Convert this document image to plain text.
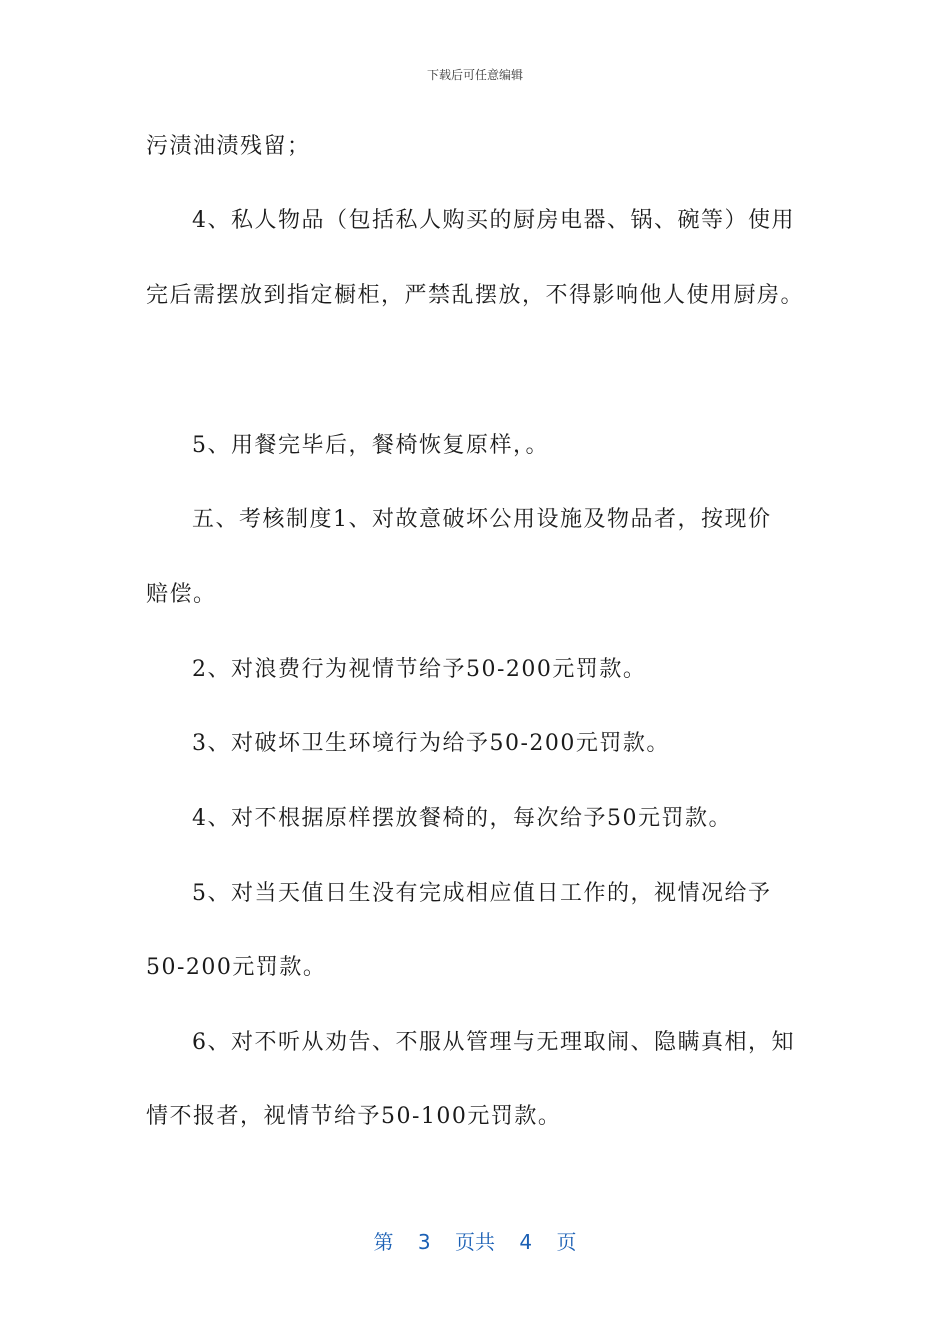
下载后可任意编辑
污渍油渍残留；
4、私人物品（包括私人购买的厨房电器、锅、碗等）使用
完后需摆放到指定橱柜，严禁乱摆放，不得影响他人使用厨房。
5、用餐完毕后，餐椅恢复原样，。
五、考核制度1、对故意破坏公用设施及物品者，按现价
赔偿。
2、对浪费行为视情节给予50-200元罚款。
3、对破坏卫生环境行为给予50-200元罚款。
4、对不根据原样摆放餐椅的，每次给予50元罚款。
5、对当天值日生没有完成相应值日工作的，视情况给予
50-200元罚款。
6、对不听从劝告、不服从管理与无理取闹、隐瞒真相，知
情不报者，视情节给予50-100元罚款。
第 3 页共 4 页
